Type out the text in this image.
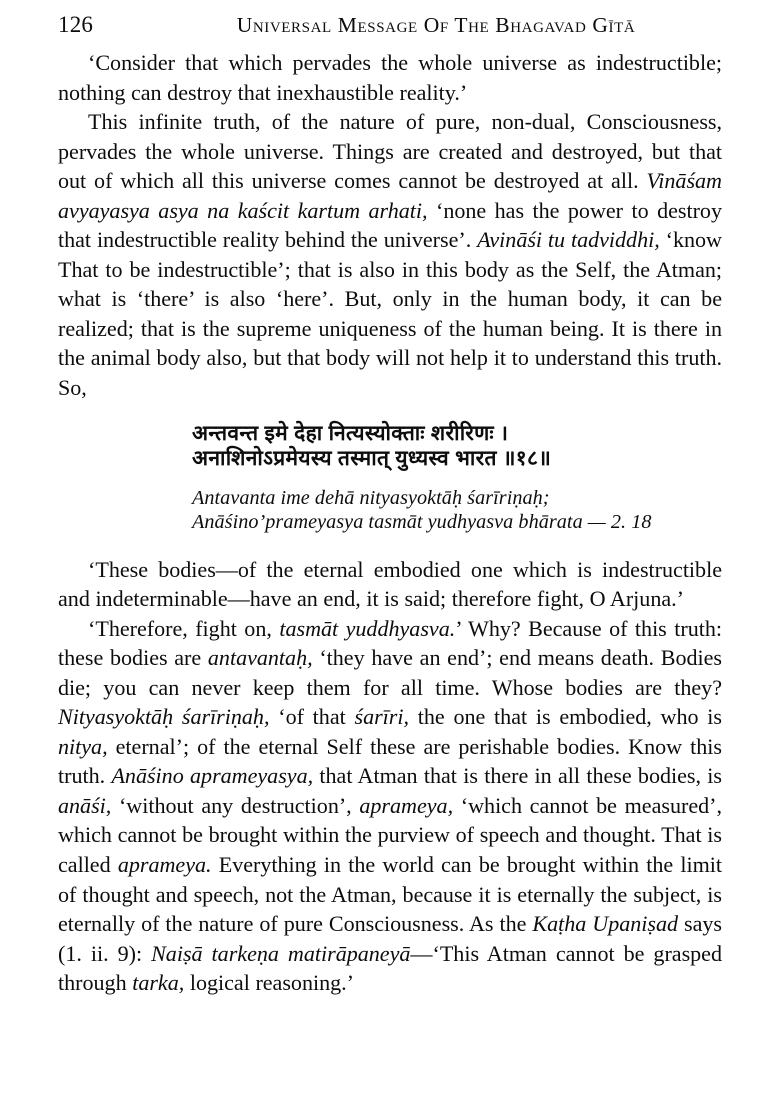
126	Universal Message Of The Bhagavad Gītā

‘Consider that which pervades the whole universe as indestructible; nothing can destroy that inexhaustible reality.’

This infinite truth, of the nature of pure, non-dual, Consciousness, pervades the whole universe. Things are created and destroyed, but that out of which all this universe comes cannot be destroyed at all. Vināśam avyayasya asya na kaścit kartum arhati, ‘none has the power to destroy that indestructible reality behind the universe’. Avināśi tu tadviddhi, ‘know That to be indestructible’; that is also in this body as the Self, the Atman; what is ‘there’ is also ‘here’. But, only in the human body, it can be realized; that is the supreme uniqueness of the human being. It is there in the animal body also, but that body will not help it to understand this truth. So,

अन्तवन्त इमे देहा नित्यस्योक्ताः शरीरिणः ।
अनाशिनोऽप्रमेयस्य तस्मात् युध्यस्व भारत ॥१८॥
Antavanta ime dehā nityasyoktāḥ śarīriṇaḥ;
Anāśino’prameyasya tasmāt yudhyasva bhārata — 2. 18

‘These bodies—of the eternal embodied one which is indestructible and indeterminable—have an end, it is said; therefore fight, O Arjuna.’

‘Therefore, fight on, tasmāt yuddhyasva.’ Why? Because of this truth: these bodies are antavantaḥ, ‘they have an end’; end means death. Bodies die; you can never keep them for all time. Whose bodies are they? Nityasyoktāḥ śarīriṇaḥ, ‘of that śarīri, the one that is embodied, who is nitya, eternal’; of the eternal Self these are perishable bodies. Know this truth. Anāśino aprameyasya, that Atman that is there in all these bodies, is anāśi, ‘without any destruction’, aprameya, ‘which cannot be measured’, which cannot be brought within the purview of speech and thought. That is called aprameya. Everything in the world can be brought within the limit of thought and speech, not the Atman, because it is eternally the subject, is eternally of the nature of pure Consciousness. As the Kaṭha Upaniṣad says (1. ii. 9): Naiṣā tarkeṇa matirāpaneyā—‘This Atman cannot be grasped through tarka, logical reasoning.’
